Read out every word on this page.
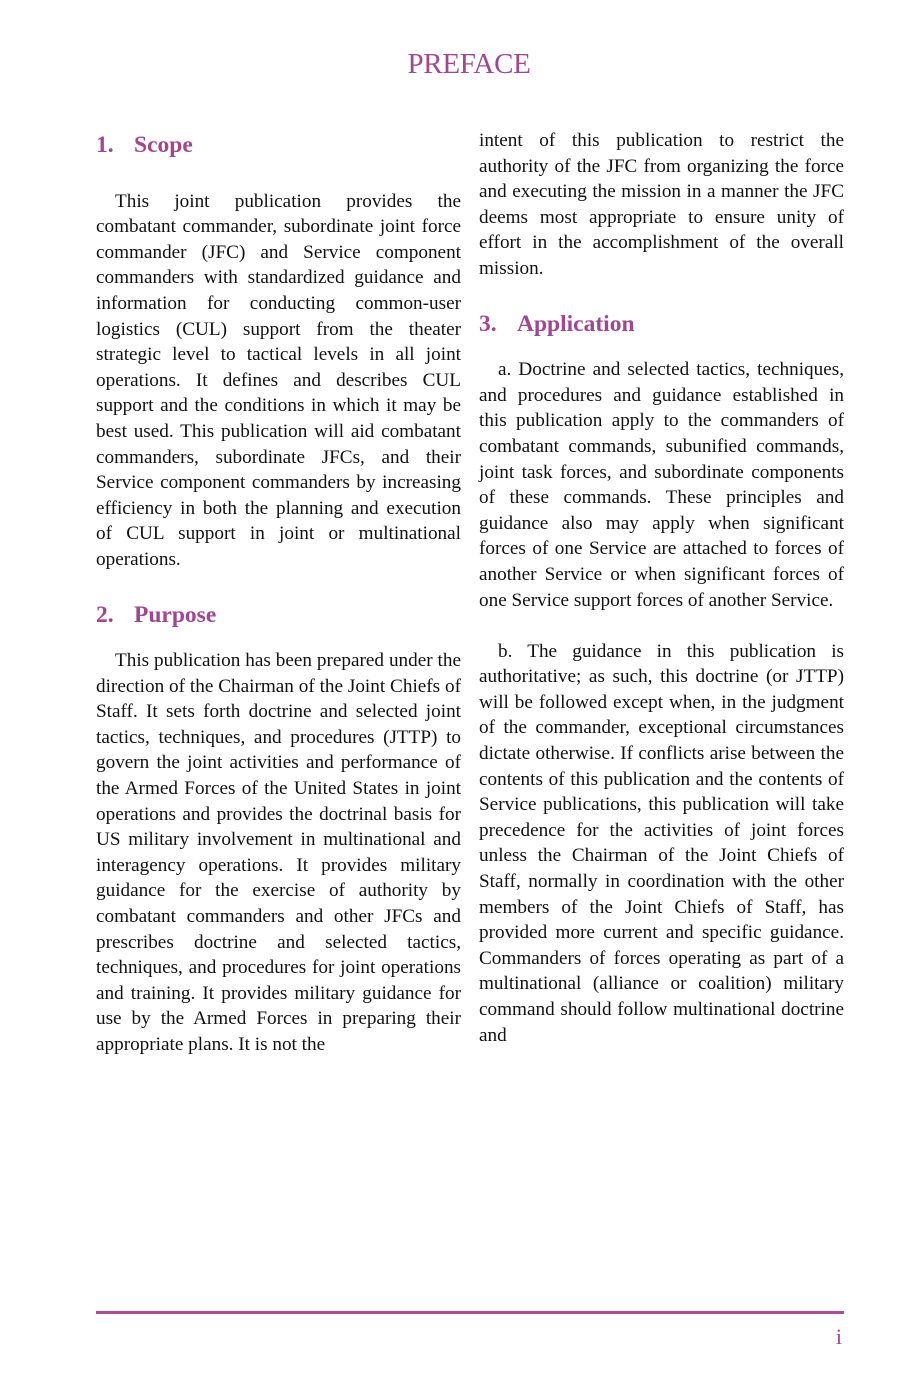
PREFACE
1. Scope

This joint publication provides the combatant commander, subordinate joint force commander (JFC) and Service component commanders with standardized guidance and information for conducting common-user logistics (CUL) support from the theater strategic level to tactical levels in all joint operations. It defines and describes CUL support and the conditions in which it may be best used. This publication will aid combatant commanders, subordinate JFCs, and their Service component commanders by increasing efficiency in both the planning and execution of CUL support in joint or multinational operations.

2. Purpose

This publication has been prepared under the direction of the Chairman of the Joint Chiefs of Staff. It sets forth doctrine and selected joint tactics, techniques, and procedures (JTTP) to govern the joint activities and performance of the Armed Forces of the United States in joint operations and provides the doctrinal basis for US military involvement in multinational and interagency operations. It provides military guidance for the exercise of authority by combatant commanders and other JFCs and prescribes doctrine and selected tactics, techniques, and procedures for joint operations and training. It provides military guidance for use by the Armed Forces in preparing their appropriate plans. It is not the

intent of this publication to restrict the authority of the JFC from organizing the force and executing the mission in a manner the JFC deems most appropriate to ensure unity of effort in the accomplishment of the overall mission.

3. Application

a. Doctrine and selected tactics, techniques, and procedures and guidance established in this publication apply to the commanders of combatant commands, subunified commands, joint task forces, and subordinate components of these commands. These principles and guidance also may apply when significant forces of one Service are attached to forces of another Service or when significant forces of one Service support forces of another Service.

b. The guidance in this publication is authoritative; as such, this doctrine (or JTTP) will be followed except when, in the judgment of the commander, exceptional circumstances dictate otherwise. If conflicts arise between the contents of this publication and the contents of Service publications, this publication will take precedence for the activities of joint forces unless the Chairman of the Joint Chiefs of Staff, normally in coordination with the other members of the Joint Chiefs of Staff, has provided more current and specific guidance. Commanders of forces operating as part of a multinational (alliance or coalition) military command should follow multinational doctrine and

i
